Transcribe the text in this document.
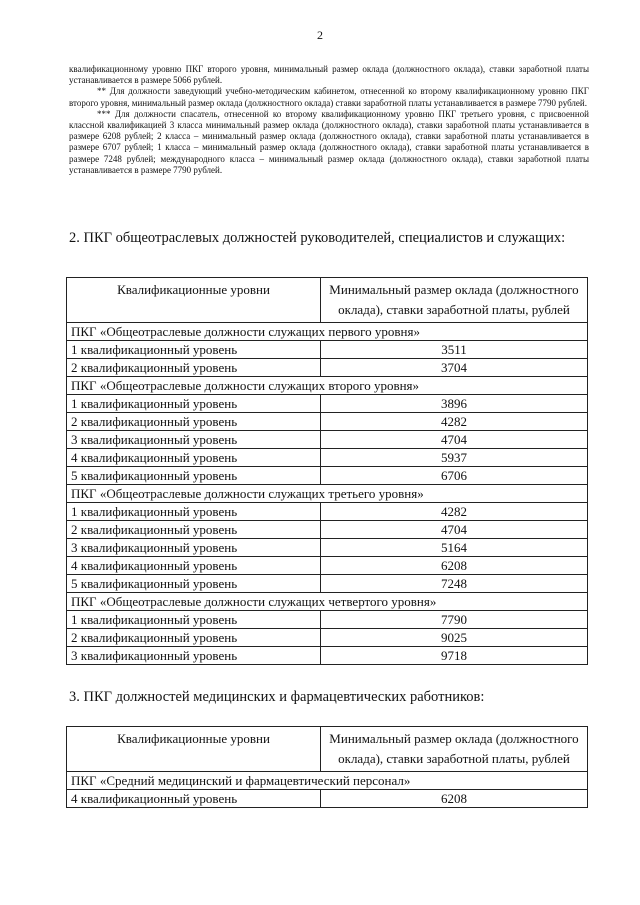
2

квалификационному уровню ПКГ второго уровня, минимальный размер оклада (должностного оклада), ставки заработной платы устанавливается в размере 5066 рублей.

** Для должности заведующий учебно-методическим кабинетом, отнесенной ко второму квалификационному уровню ПКГ второго уровня, минимальный размер оклада (должностного оклада) ставки заработной платы устанавливается в размере 7790 рублей.

*** Для должности спасатель, отнесенной ко второму квалификационному уровню ПКГ третьего уровня, с присвоенной классной квалификацией 3 класса минимальный размер оклада (должностного оклада), ставки заработной платы устанавливается в размере 6208 рублей; 2 класса – минимальный размер оклада (должностного оклада), ставки заработной платы устанавливается в размере 6707 рублей; 1 класса – минимальный размер оклада (должностного оклада), ставки заработной платы устанавливается в размере 7248 рублей; международного класса – минимальный размер оклада (должностного оклада), ставки заработной платы устанавливается в размере 7790 рублей.

2. ПКГ общеотраслевых должностей руководителей, специалистов и служащих:
Квалификационные уровни	Минимальный размер оклада (должностного оклада), ставки заработной платы, рублей
ПКГ «Общеотраслевые должности служащих первого уровня»	
1 квалификационный уровень	3511
2 квалификационный уровень	3704
ПКГ «Общеотраслевые должности служащих второго уровня»	
1 квалификационный уровень	3896
2 квалификационный уровень	4282
3 квалификационный уровень	4704
4 квалификационный уровень	5937
5 квалификационный уровень	6706
ПКГ «Общеотраслевые должности служащих третьего уровня»	
1 квалификационный уровень	4282
2 квалификационный уровень	4704
3 квалификационный уровень	5164
4 квалификационный уровень	6208
5 квалификационный уровень	7248
ПКГ «Общеотраслевые должности служащих четвертого уровня»	
1 квалификационный уровень	7790
2 квалификационный уровень	9025
3 квалификационный уровень	9718
3. ПКГ должностей медицинских и фармацевтических работников:
Квалификационные уровни	Минимальный размер оклада (должностного оклада), ставки заработной платы, рублей
ПКГ «Средний медицинский и фармацевтический персонал»	
4 квалификационный уровень	6208
